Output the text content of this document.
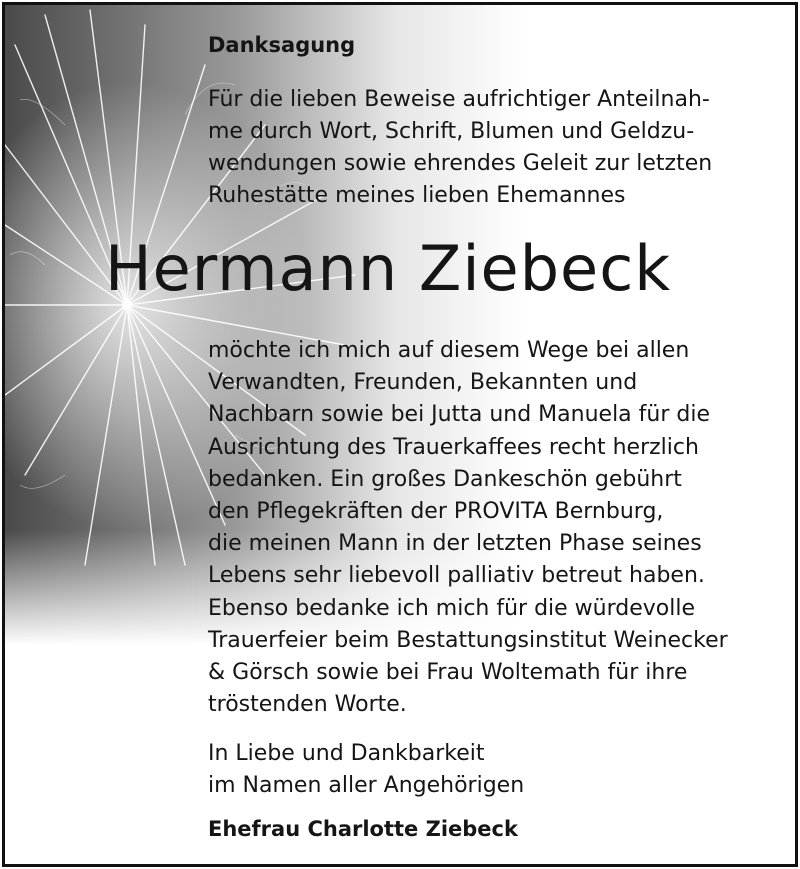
Danksagung
Für die lieben Beweise aufrichtiger Anteilnah-
me durch Wort, Schrift, Blumen und Geldzu-
wendungen sowie ehrendes Geleit zur letzten
Ruhestätte meines lieben Ehemannes
Hermann Ziebeck
möchte ich mich auf diesem Wege bei allen
Verwandten, Freunden, Bekannten und
Nachbarn sowie bei Jutta und Manuela für die
Ausrichtung des Trauerkaffees recht herzlich
bedanken. Ein großes Dankeschön gebührt
den Pflegekräften der PROVITA Bernburg,
die meinen Mann in der letzten Phase seines
Lebens sehr liebevoll palliativ betreut haben.
Ebenso bedanke ich mich für die würdevolle
Trauerfeier beim Bestattungsinstitut Weinecker
& Görsch sowie bei Frau Woltemath für ihre
tröstenden Worte.
In Liebe und Dankbarkeit
im Namen aller Angehörigen
Ehefrau Charlotte Ziebeck
